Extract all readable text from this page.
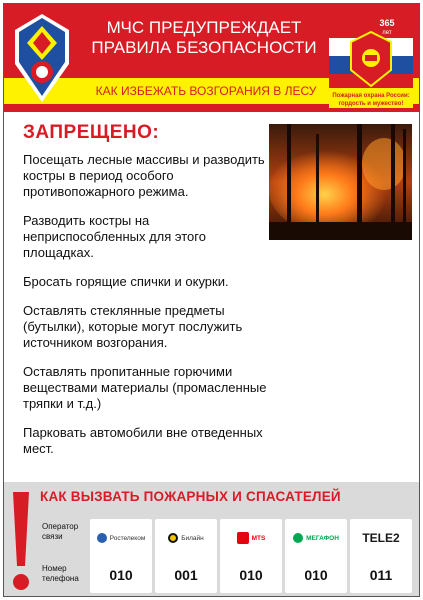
МЧС ПРЕДУПРЕЖДАЕТ
ПРАВИЛА БЕЗОПАСНОСТИ
КАК ИЗБЕЖАТЬ ВОЗГОРАНИЯ В ЛЕСУ
365
лет
Пожарная охрана России:
гордость и мужество!
ЗАПРЕЩЕНО:

Посещать лесные массивы и разводить костры в период особого противопожарного режима.

Разводить костры на неприспособленных для этого площадках.

Бросать горящие спички и окурки.

Оставлять стеклянные предметы (бутылки), которые могут послужить источником возгорания.

Оставлять пропитанные горючими веществами материалы (промасленные тряпки и т.д.)

Парковать автомобили вне отведенных мест.

КАК ВЫЗВАТЬ ПОЖАРНЫХ И СПАСАТЕЛЕЙ
Оператор
связи
Номер
телефона
Ростелеком
010
Билайн
001
MTS
010
МЕГАФОН
010
TELE2
011
